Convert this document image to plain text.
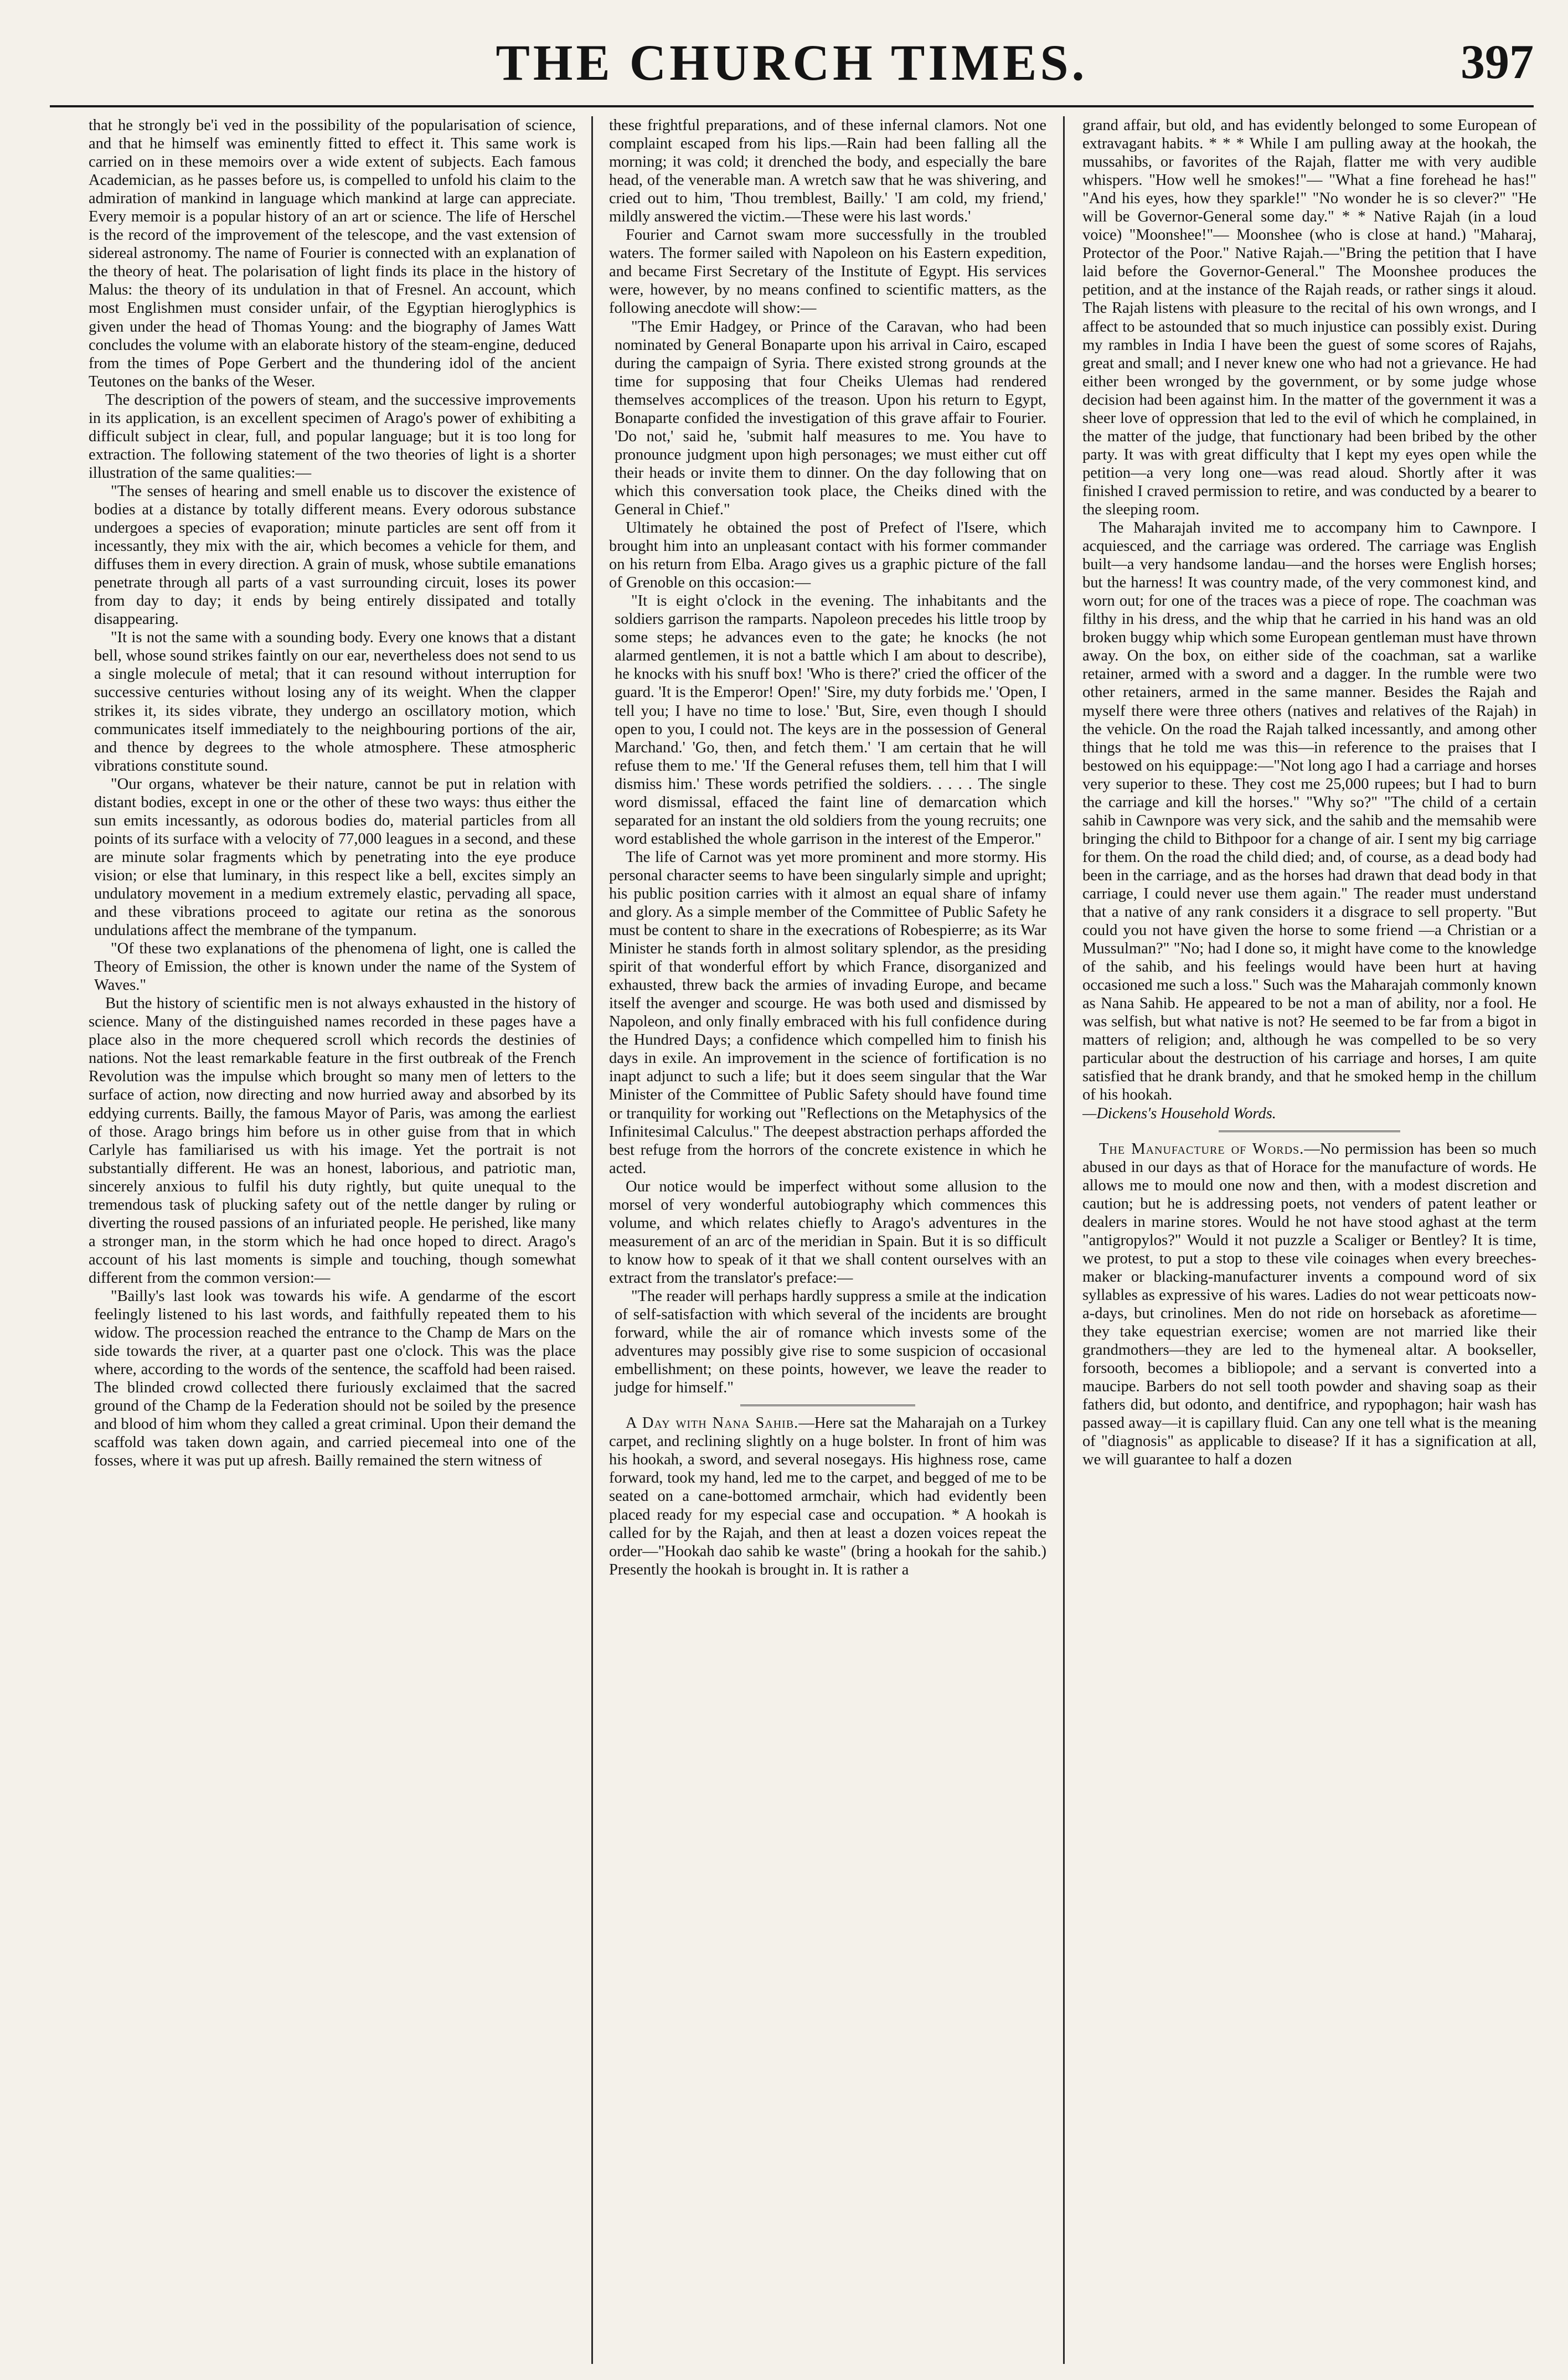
THE CHURCH TIMES.	397

that he strongly be'i ved in the possibility of the popularisation of science, and that he himself was eminently fitted to effect it. This same work is carried on in these memoirs over a wide extent of subjects. Each famous Academician, as he passes before us, is compelled to unfold his claim to the admiration of mankind in language which mankind at large can appreciate. Every memoir is a popular history of an art or science. The life of Herschel is the record of the improvement of the telescope, and the vast extension of sidereal astronomy. The name of Fourier is connected with an explanation of the theory of heat. The polarisation of light finds its place in the history of Malus: the theory of its undulation in that of Fresnel. An account, which most Englishmen must consider unfair, of the Egyptian hieroglyphics is given under the head of Thomas Young: and the biography of James Watt concludes the volume with an elaborate history of the steam-engine, deduced from the times of Pope Gerbert and the thundering idol of the ancient Teutones on the banks of the Weser.

The description of the powers of steam, and the successive improvements in its application, is an excellent specimen of Arago's power of exhibiting a difficult subject in clear, full, and popular language; but it is too long for extraction. The following statement of the two theories of light is a shorter illustration of the same qualities:—

"The senses of hearing and smell enable us to discover the existence of bodies at a distance by totally different means. Every odorous substance undergoes a species of evaporation; minute particles are sent off from it incessantly, they mix with the air, which becomes a vehicle for them, and diffuses them in every direction. A grain of musk, whose subtile emanations penetrate through all parts of a vast surrounding circuit, loses its power from day to day; it ends by being entirely dissipated and totally disappearing.

"It is not the same with a sounding body. Every one knows that a distant bell, whose sound strikes faintly on our ear, nevertheless does not send to us a single molecule of metal; that it can resound without interruption for successive centuries without losing any of its weight. When the clapper strikes it, its sides vibrate, they undergo an oscillatory motion, which communicates itself immediately to the neighbouring portions of the air, and thence by degrees to the whole atmosphere. These atmospheric vibrations constitute sound.

"Our organs, whatever be their nature, cannot be put in relation with distant bodies, except in one or the other of these two ways: thus either the sun emits incessantly, as odorous bodies do, material particles from all points of its surface with a velocity of 77,000 leagues in a second, and these are minute solar fragments which by penetrating into the eye produce vision; or else that luminary, in this respect like a bell, excites simply an undulatory movement in a medium extremely elastic, pervading all space, and these vibrations proceed to agitate our retina as the sonorous undulations affect the membrane of the tympanum.

"Of these two explanations of the phenomena of light, one is called the Theory of Emission, the other is known under the name of the System of Waves."

But the history of scientific men is not always exhausted in the history of science. Many of the distinguished names recorded in these pages have a place also in the more chequered scroll which records the destinies of nations. Not the least remarkable feature in the first outbreak of the French Revolution was the impulse which brought so many men of letters to the surface of action, now directing and now hurried away and absorbed by its eddying currents. Bailly, the famous Mayor of Paris, was among the earliest of those. Arago brings him before us in other guise from that in which Carlyle has familiarised us with his image. Yet the portrait is not substantially different. He was an honest, laborious, and patriotic man, sincerely anxious to fulfil his duty rightly, but quite unequal to the tremendous task of plucking safety out of the nettle danger by ruling or diverting the roused passions of an infuriated people. He perished, like many a stronger man, in the storm which he had once hoped to direct. Arago's account of his last moments is simple and touching, though somewhat different from the common version:—

"Bailly's last look was towards his wife. A gendarme of the escort feelingly listened to his last words, and faithfully repeated them to his widow. The procession reached the entrance to the Champ de Mars on the side towards the river, at a quarter past one o'clock. This was the place where, according to the words of the sentence, the scaffold had been raised. The blinded crowd collected there furiously exclaimed that the sacred ground of the Champ de la Federation should not be soiled by the presence and blood of him whom they called a great criminal. Upon their demand the scaffold was taken down again, and carried piecemeal into one of the fosses, where it was put up afresh. Bailly remained the stern witness of

these frightful preparations, and of these infernal clamors. Not one complaint escaped from his lips.—Rain had been falling all the morning; it was cold; it drenched the body, and especially the bare head, of the venerable man. A wretch saw that he was shivering, and cried out to him, 'Thou tremblest, Bailly.' 'I am cold, my friend,' mildly answered the victim.—These were his last words.'

Fourier and Carnot swam more successfully in the troubled waters. The former sailed with Napoleon on his Eastern expedition, and became First Secretary of the Institute of Egypt. His services were, however, by no means confined to scientific matters, as the following anecdote will show:—

"The Emir Hadgey, or Prince of the Caravan, who had been nominated by General Bonaparte upon his arrival in Cairo, escaped during the campaign of Syria. There existed strong grounds at the time for supposing that four Cheiks Ulemas had rendered themselves accomplices of the treason. Upon his return to Egypt, Bonaparte confided the investigation of this grave affair to Fourier. 'Do not,' said he, 'submit half measures to me. You have to pronounce judgment upon high personages; we must either cut off their heads or invite them to dinner. On the day following that on which this conversation took place, the Cheiks dined with the General in Chief."

Ultimately he obtained the post of Prefect of l'Isere, which brought him into an unpleasant contact with his former commander on his return from Elba. Arago gives us a graphic picture of the fall of Grenoble on this occasion:—

"It is eight o'clock in the evening. The inhabitants and the soldiers garrison the ramparts. Napoleon precedes his little troop by some steps; he advances even to the gate; he knocks (he not alarmed gentlemen, it is not a battle which I am about to describe), he knocks with his snuff box! 'Who is there?' cried the officer of the guard. 'It is the Emperor! Open!' 'Sire, my duty forbids me.' 'Open, I tell you; I have no time to lose.' 'But, Sire, even though I should open to you, I could not. The keys are in the possession of General Marchand.' 'Go, then, and fetch them.' 'I am certain that he will refuse them to me.' 'If the General refuses them, tell him that I will dismiss him.' These words petrified the soldiers. . . . . The single word dismissal, effaced the faint line of demarcation which separated for an instant the old soldiers from the young recruits; one word established the whole garrison in the interest of the Emperor."

The life of Carnot was yet more prominent and more stormy. His personal character seems to have been singularly simple and upright; his public position carries with it almost an equal share of infamy and glory. As a simple member of the Committee of Public Safety he must be content to share in the execrations of Robespierre; as its War Minister he stands forth in almost solitary splendor, as the presiding spirit of that wonderful effort by which France, disorganized and exhausted, threw back the armies of invading Europe, and became itself the avenger and scourge. He was both used and dismissed by Napoleon, and only finally embraced with his full confidence during the Hundred Days; a confidence which compelled him to finish his days in exile. An improvement in the science of fortification is no inapt adjunct to such a life; but it does seem singular that the War Minister of the Committee of Public Safety should have found time or tranquility for working out "Reflections on the Metaphysics of the Infinitesimal Calculus." The deepest abstraction perhaps afforded the best refuge from the horrors of the concrete existence in which he acted.

Our notice would be imperfect without some allusion to the morsel of very wonderful autobiography which commences this volume, and which relates chiefly to Arago's adventures in the measurement of an arc of the meridian in Spain. But it is so difficult to know how to speak of it that we shall content ourselves with an extract from the translator's preface:—

"The reader will perhaps hardly suppress a smile at the indication of self-satisfaction with which several of the incidents are brought forward, while the air of romance which invests some of the adventures may possibly give rise to some suspicion of occasional embellishment; on these points, however, we leave the reader to judge for himself."

A Day with Nana Sahib.—Here sat the Maharajah on a Turkey carpet, and reclining slightly on a huge bolster. In front of him was his hookah, a sword, and several nosegays. His highness rose, came forward, took my hand, led me to the carpet, and begged of me to be seated on a cane-bottomed armchair, which had evidently been placed ready for my especial case and occupation. * A hookah is called for by the Rajah, and then at least a dozen voices repeat the order—"Hookah dao sahib ke waste" (bring a hookah for the sahib.) Presently the hookah is brought in. It is rather a

grand affair, but old, and has evidently belonged to some European of extravagant habits. * * * While I am pulling away at the hookah, the mussahibs, or favorites of the Rajah, flatter me with very audible whispers. "How well he smokes!"— "What a fine forehead he has!" "And his eyes, how they sparkle!" "No wonder he is so clever?" "He will be Governor-General some day." * * Native Rajah (in a loud voice) "Moonshee!"— Moonshee (who is close at hand.) "Maharaj, Protector of the Poor." Native Rajah.—"Bring the petition that I have laid before the Governor-General." The Moonshee produces the petition, and at the instance of the Rajah reads, or rather sings it aloud. The Rajah listens with pleasure to the recital of his own wrongs, and I affect to be astounded that so much injustice can possibly exist. During my rambles in India I have been the guest of some scores of Rajahs, great and small; and I never knew one who had not a grievance. He had either been wronged by the government, or by some judge whose decision had been against him. In the matter of the government it was a sheer love of oppression that led to the evil of which he complained, in the matter of the judge, that functionary had been bribed by the other party. It was with great difficulty that I kept my eyes open while the petition—a very long one—was read aloud. Shortly after it was finished I craved permission to retire, and was conducted by a bearer to the sleeping room.

The Maharajah invited me to accompany him to Cawnpore. I acquiesced, and the carriage was ordered. The carriage was English built—a very handsome landau—and the horses were English horses; but the harness! It was country made, of the very commonest kind, and worn out; for one of the traces was a piece of rope. The coachman was filthy in his dress, and the whip that he carried in his hand was an old broken buggy whip which some European gentleman must have thrown away. On the box, on either side of the coachman, sat a warlike retainer, armed with a sword and a dagger. In the rumble were two other retainers, armed in the same manner. Besides the Rajah and myself there were three others (natives and relatives of the Rajah) in the vehicle. On the road the Rajah talked incessantly, and among other things that he told me was this—in reference to the praises that I bestowed on his equippage:—"Not long ago I had a carriage and horses very superior to these. They cost me 25,000 rupees; but I had to burn the carriage and kill the horses." "Why so?" "The child of a certain sahib in Cawnpore was very sick, and the sahib and the memsahib were bringing the child to Bithpoor for a change of air. I sent my big carriage for them. On the road the child died; and, of course, as a dead body had been in the carriage, and as the horses had drawn that dead body in that carriage, I could never use them again." The reader must understand that a native of any rank considers it a disgrace to sell property. "But could you not have given the horse to some friend —a Christian or a Mussulman?" "No; had I done so, it might have come to the knowledge of the sahib, and his feelings would have been hurt at having occasioned me such a loss." Such was the Maharajah commonly known as Nana Sahib. He appeared to be not a man of ability, nor a fool. He was selfish, but what native is not? He seemed to be far from a bigot in matters of religion; and, although he was compelled to be so very particular about the destruction of his carriage and horses, I am quite satisfied that he drank brandy, and that he smoked hemp in the chillum of his hookah.

—Dickens's Household Words.

The Manufacture of Words.—No permission has been so much abused in our days as that of Horace for the manufacture of words. He allows me to mould one now and then, with a modest discretion and caution; but he is addressing poets, not venders of patent leather or dealers in marine stores. Would he not have stood aghast at the term "antigropylos?" Would it not puzzle a Scaliger or Bentley? It is time, we protest, to put a stop to these vile coinages when every breeches-maker or blacking-manufacturer invents a compound word of six syllables as expressive of his wares. Ladies do not wear petticoats now-a-days, but crinolines. Men do not ride on horseback as aforetime—they take equestrian exercise; women are not married like their grandmothers—they are led to the hymeneal altar. A bookseller, forsooth, becomes a bibliopole; and a servant is converted into a maucipe. Barbers do not sell tooth powder and shaving soap as their fathers did, but odonto, and dentifrice, and rypophagon; hair wash has passed away—it is capillary fluid. Can any one tell what is the meaning of "diagnosis" as applicable to disease? If it has a signification at all, we will guarantee to half a dozen
